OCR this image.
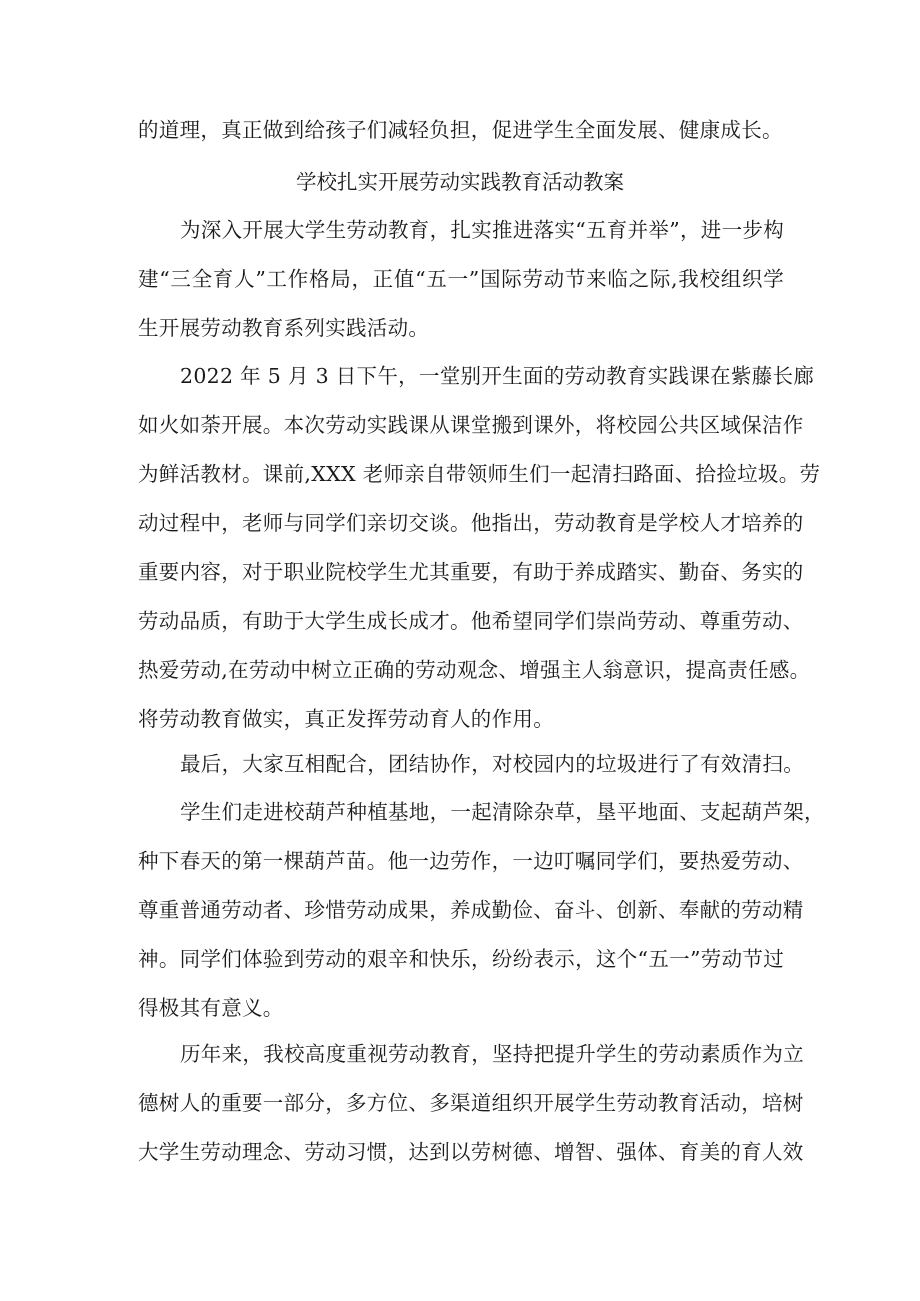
的道理，真正做到给孩子们减轻负担，促进学生全面发展、健康成长。
学校扎实开展劳动实践教育活动教案
为深入开展大学生劳动教育，扎实推进落实“五育并举”，进一步构
建“三全育人”工作格局，正值“五一”国际劳动节来临之际,我校组织学
生开展劳动教育系列实践活动。
2022 年 5 月 3 日下午，一堂别开生面的劳动教育实践课在紫藤长廊
如火如荼开展。本次劳动实践课从课堂搬到课外，将校园公共区域保洁作
为鲜活教材。课前,XXX 老师亲自带领师生们一起清扫路面、拾捡垃圾。劳
动过程中，老师与同学们亲切交谈。他指出，劳动教育是学校人才培养的
重要内容，对于职业院校学生尤其重要，有助于养成踏实、勤奋、务实的
劳动品质，有助于大学生成长成才。他希望同学们崇尚劳动、尊重劳动、
热爱劳动,在劳动中树立正确的劳动观念、增强主人翁意识，提高责任感。
将劳动教育做实，真正发挥劳动育人的作用。
最后，大家互相配合，团结协作，对校园内的垃圾进行了有效清扫。
学生们走进校葫芦种植基地，一起清除杂草，垦平地面、支起葫芦架，
种下春天的第一棵葫芦苗。他一边劳作，一边叮嘱同学们，要热爱劳动、
尊重普通劳动者、珍惜劳动成果，养成勤俭、奋斗、创新、奉献的劳动精
神。同学们体验到劳动的艰辛和快乐，纷纷表示，这个“五一”劳动节过
得极其有意义。
历年来，我校高度重视劳动教育，坚持把提升学生的劳动素质作为立
德树人的重要一部分，多方位、多渠道组织开展学生劳动教育活动，培树
大学生劳动理念、劳动习惯，达到以劳树德、增智、强体、育美的育人效
